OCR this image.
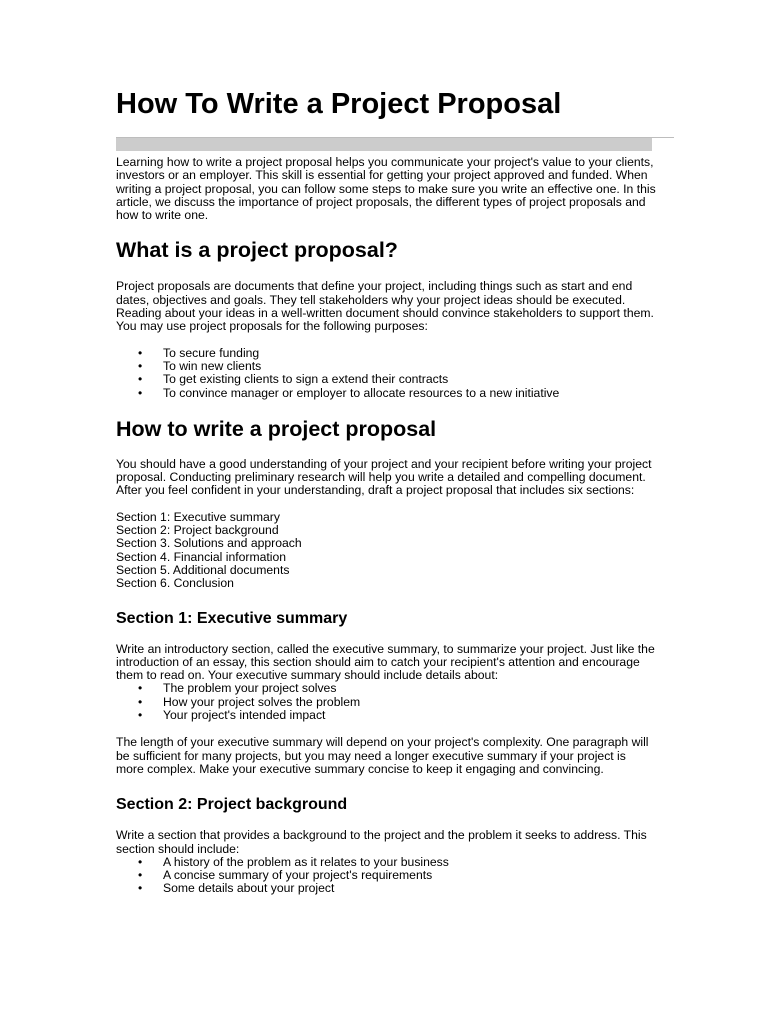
How To Write a Project Proposal

Learning how to write a project proposal helps you communicate your project's value to your clients, investors or an employer. This skill is essential for getting your project approved and funded. When writing a project proposal, you can follow some steps to make sure you write an effective one. In this article, we discuss the importance of project proposals, the different types of project proposals and how to write one.

What is a project proposal?

Project proposals are documents that define your project, including things such as start and end dates, objectives and goals. They tell stakeholders why your project ideas should be executed. Reading about your ideas in a well-written document should convince stakeholders to support them. You may use project proposals for the following purposes:

• To secure funding
• To win new clients
• To get existing clients to sign a extend their contracts
• To convince manager or employer to allocate resources to a new initiative
How to write a project proposal

You should have a good understanding of your project and your recipient before writing your project proposal. Conducting preliminary research will help you write a detailed and compelling document. After you feel confident in your understanding, draft a project proposal that includes six sections:

Section 1: Executive summary
Section 2: Project background
Section 3. Solutions and approach
Section 4. Financial information
Section 5. Additional documents
Section 6. Conclusion
Section 1: Executive summary

Write an introductory section, called the executive summary, to summarize your project. Just like the introduction of an essay, this section should aim to catch your recipient's attention and encourage them to read on. Your executive summary should include details about:

• The problem your project solves
• How your project solves the problem
• Your project's intended impact

The length of your executive summary will depend on your project's complexity. One paragraph will be sufficient for many projects, but you may need a longer executive summary if your project is more complex. Make your executive summary concise to keep it engaging and convincing.

Section 2: Project background

Write a section that provides a background to the project and the problem it seeks to address. This section should include:

• A history of the problem as it relates to your business
• A concise summary of your project's requirements
• Some details about your project
